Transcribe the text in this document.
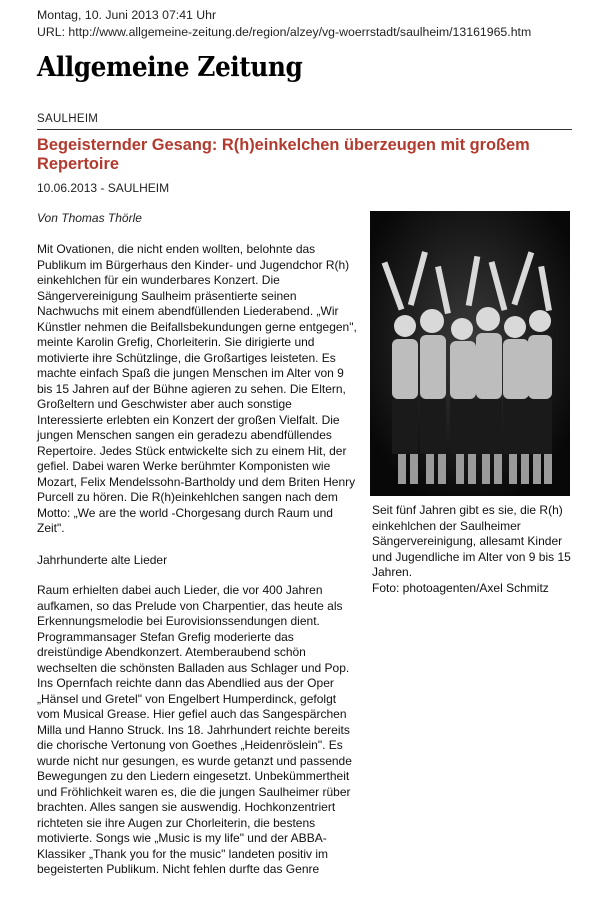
Montag, 10. Juni 2013 07:41 Uhr
URL: http://www.allgemeine-zeitung.de/region/alzey/vg-woerrstadt/saulheim/13161965.htm
Allgemeine Zeitung
SAULHEIM
Begeisternder Gesang: R(h)einkelchen überzeugen mit großem Repertoire
10.06.2013 - SAULHEIM
Von Thomas Thörle
Mit Ovationen, die nicht enden wollten, belohnte das Publikum im Bürgerhaus den Kinder- und Jugendchor R(h) einkehlchen für ein wunderbares Konzert. Die Sängervereinigung Saulheim präsentierte seinen Nachwuchs mit einem abendfüllenden Liederabend. „Wir Künstler nehmen die Beifallsbekundungen gerne entgegen", meinte Karolin Grefig, Chorleiterin. Sie dirigierte und motivierte ihre Schützlinge, die Großartiges leisteten. Es machte einfach Spaß die jungen Menschen im Alter von 9 bis 15 Jahren auf der Bühne agieren zu sehen. Die Eltern, Großeltern und Geschwister aber auch sonstige Interessierte erlebten ein Konzert der großen Vielfalt. Die jungen Menschen sangen ein geradezu abendfüllendes Repertoire. Jedes Stück entwickelte sich zu einem Hit, der gefiel. Dabei waren Werke berühmter Komponisten wie Mozart, Felix Mendelssohn-Bartholdy und dem Briten Henry Purcell zu hören. Die R(h)einkehlchen sangen nach dem Motto: „We are the world -Chorgesang durch Raum und Zeit".
Jahrhunderte alte Lieder
Raum erhielten dabei auch Lieder, die vor 400 Jahren aufkamen, so das Prelude von Charpentier, das heute als Erkennungsmelodie bei Eurovisionssendungen dient. Programmansager Stefan Grefig moderierte das dreistündige Abendkonzert. Atemberaubend schön wechselten die schönsten Balladen aus Schlager und Pop. Ins Opernfach reichte dann das Abendlied aus der Oper „Hänsel und Gretel" von Engelbert Humperdinck, gefolgt vom Musical Grease. Hier gefiel auch das Sangespärchen Milla und Hanno Struck. Ins 18. Jahrhundert reichte bereits die chorische Vertonung von Goethes „Heidenröslein". Es wurde nicht nur gesungen, es wurde getanzt und passende Bewegungen zu den Liedern eingesetzt. Unbekümmertheit und Fröhlichkeit waren es, die die jungen Saulheimer rüber brachten. Alles sangen sie auswendig. Hochkonzentriert richteten sie ihre Augen zur Chorleiterin, die bestens motivierte. Songs wie „Music is my life" und der ABBA-Klassiker „Thank you for the music" landeten positiv im begeisterten Publikum. Nicht fehlen durfte das Genre
Seit fünf Jahren gibt es sie, die R(h) einkehlchen der Saulheimer Sängervereinigung, allesamt Kinder und Jugendliche im Alter von 9 bis 15 Jahren.
Foto: photoagenten/Axel Schmitz
